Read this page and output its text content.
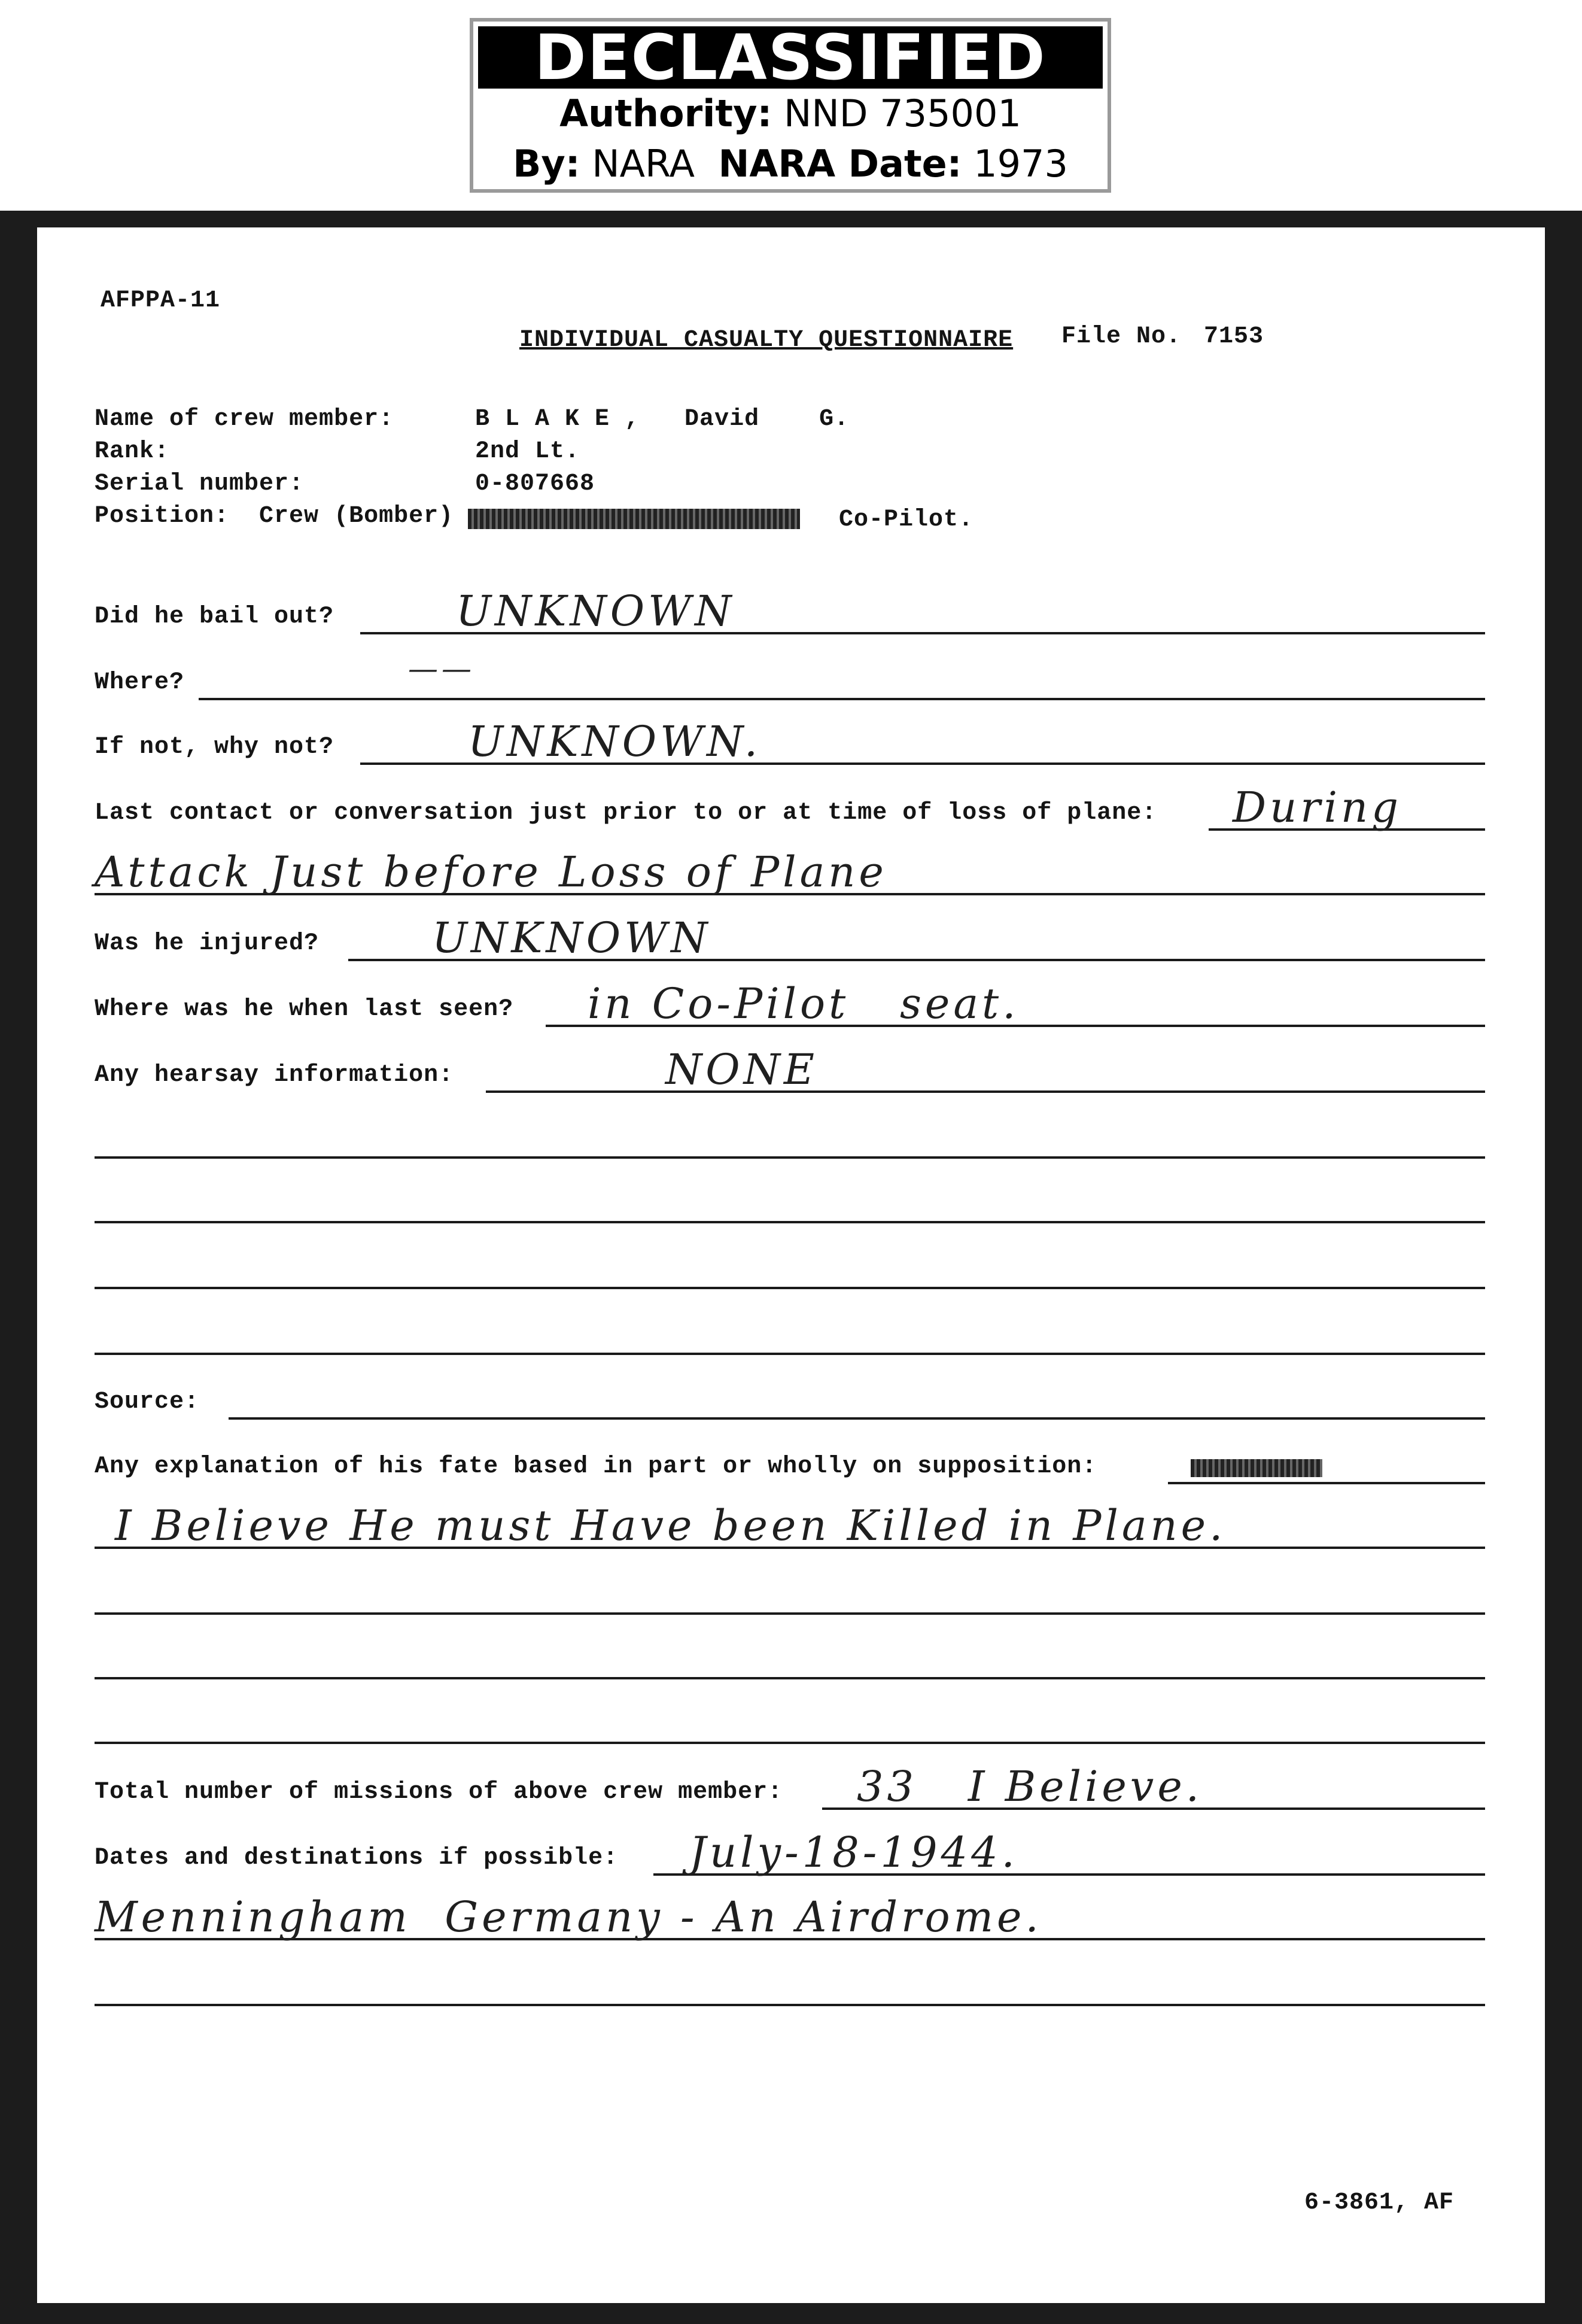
DECLASSIFIED
Authority: NND 735001
By: NARA NARA Date: 1973
AFPPA-11
INDIVIDUAL CASUALTY QUESTIONNAIRE File No. 7153
Name of crew member:	B L A K E ,   David    G.
Rank:	2nd Lt.
Serial number:	0-807668
Position:  Crew (Bomber)	Co-Pilot.
Did he bail out?	UNKNOWN
Where?	——
If not, why not?	UNKNOWN.
Last contact or conversation just prior to or at time of loss of plane: During
Attack Just before Loss of Plane
Was he injured?	UNKNOWN
Where was he when last seen? in Co-Pilot   seat.
Any hearsay information:	NONE
Source:
Any explanation of his fate based in part or wholly on supposition:
I Believe He must Have been Killed in Plane.
Total number of missions of above crew member: 33   I Believe.
Dates and destinations if possible: July-18-1944.
Menningham  Germany - An Airdrome.
6-3861, AF
